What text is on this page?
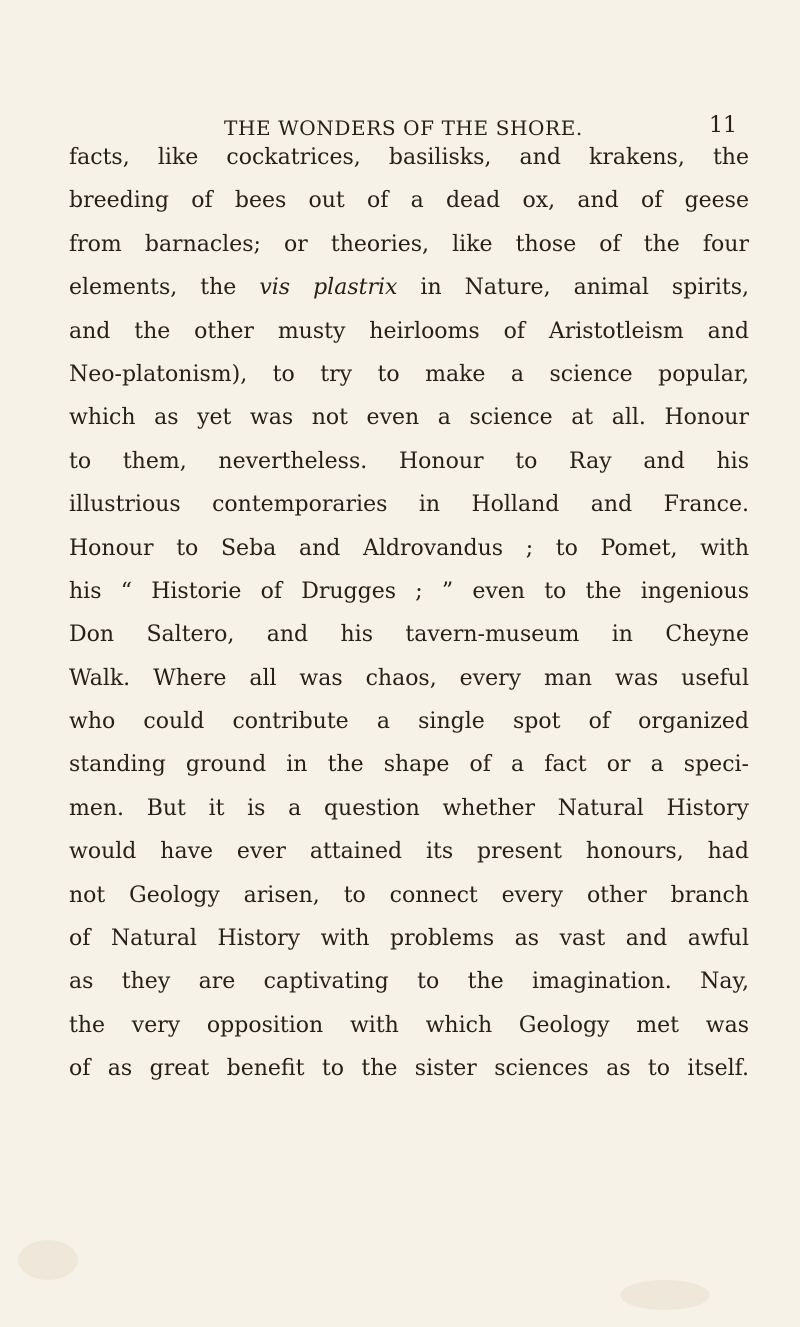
THE WONDERS OF THE SHORE.	11
facts, like cockatrices, basilisks, and krakens, the
breeding of bees out of a dead ox, and of geese
from barnacles; or theories, like those of the four
elements, the vis plastrix in Nature, animal spirits,
and the other musty heirlooms of Aristotleism and
Neo-platonism), to try to make a science popular,
which as yet was not even a science at all. Honour
to them, nevertheless. Honour to Ray and his
illustrious contemporaries in Holland and France.
Honour to Seba and Aldrovandus ; to Pomet, with
his “ Historie of Drugges ; ” even to the ingenious
Don Saltero, and his tavern-museum in Cheyne
Walk. Where all was chaos, every man was useful
who could contribute a single spot of organized
standing ground in the shape of a fact or a speci-
men. But it is a question whether Natural History
would have ever attained its present honours, had
not Geology arisen, to connect every other branch
of Natural History with problems as vast and awful
as they are captivating to the imagination. Nay,
the very opposition with which Geology met was
of as great benefit to the sister sciences as to itself.
